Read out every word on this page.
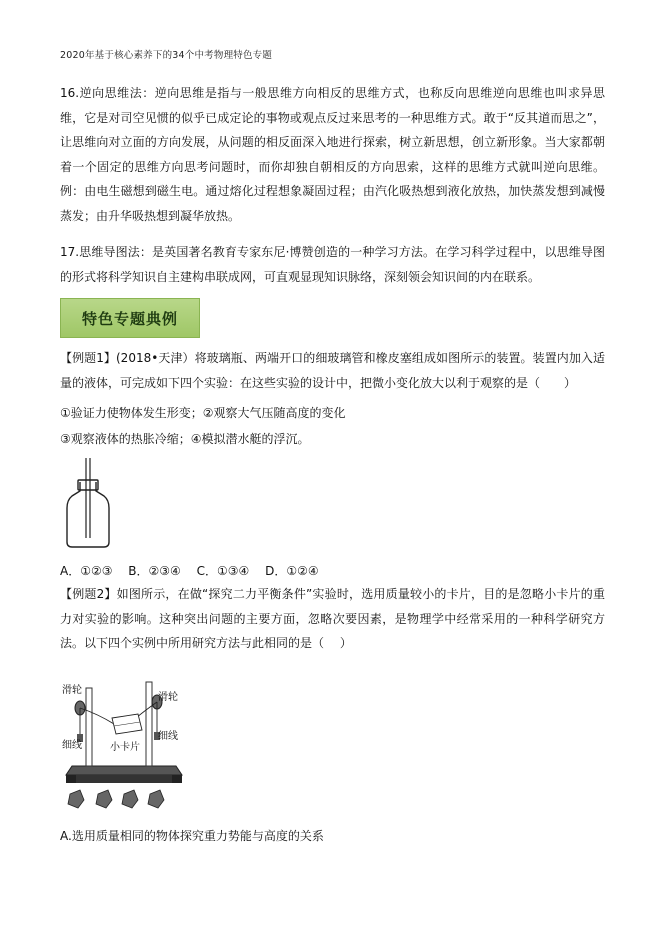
2020年基于核心素养下的34个中考物理特色专题
16.逆向思维法：逆向思维是指与一般思维方向相反的思维方式，也称反向思维逆向思维也叫求异思维，它是对司空见惯的似乎已成定论的事物或观点反过来思考的一种思维方式。敢于“反其道而思之”，让思维向对立面的方向发展，从问题的相反面深入地进行探索，树立新思想，创立新形象。当大家都朝着一个固定的思维方向思考问题时，而你却独自朝相反的方向思索，这样的思维方式就叫逆向思维。例：由电生磁想到磁生电。通过熔化过程想象凝固过程；由汽化吸热想到液化放热，加快蒸发想到减慢蒸发；由升华吸热想到凝华放热。
17.思维导图法：是英国著名教育专家东尼·博赞创造的一种学习方法。在学习科学过程中，以思维导图的形式将科学知识自主建构串联成网，可直观显现知识脉络，深刻领会知识间的内在联系。
特色专题典例
【例题1】(2018•天津）将玻璃瓶、两端开口的细玻璃管和橡皮塞组成如图所示的装置。装置内加入适量的液体，可完成如下四个实验：在这些实验的设计中，把微小变化放大以利于观察的是（　　）
①验证力使物体发生形变；②观察大气压随高度的变化
③观察液体的热胀冷缩；④模拟潜水艇的浮沉。
A．①②③　 B．②③④　 C．①③④　 D．①②④
【例题2】如图所示，在做“探究二力平衡条件”实验时，选用质量较小的卡片，目的是忽略小卡片的重力对实验的影响。这种突出问题的主要方面，忽略次要因素，是物理学中经常采用的一种科学研究方法。以下四个实例中所用研究方法与此相同的是（　 ）
滑轮
滑轮
细线
细线
小卡片
A.选用质量相同的物体探究重力势能与高度的关系
